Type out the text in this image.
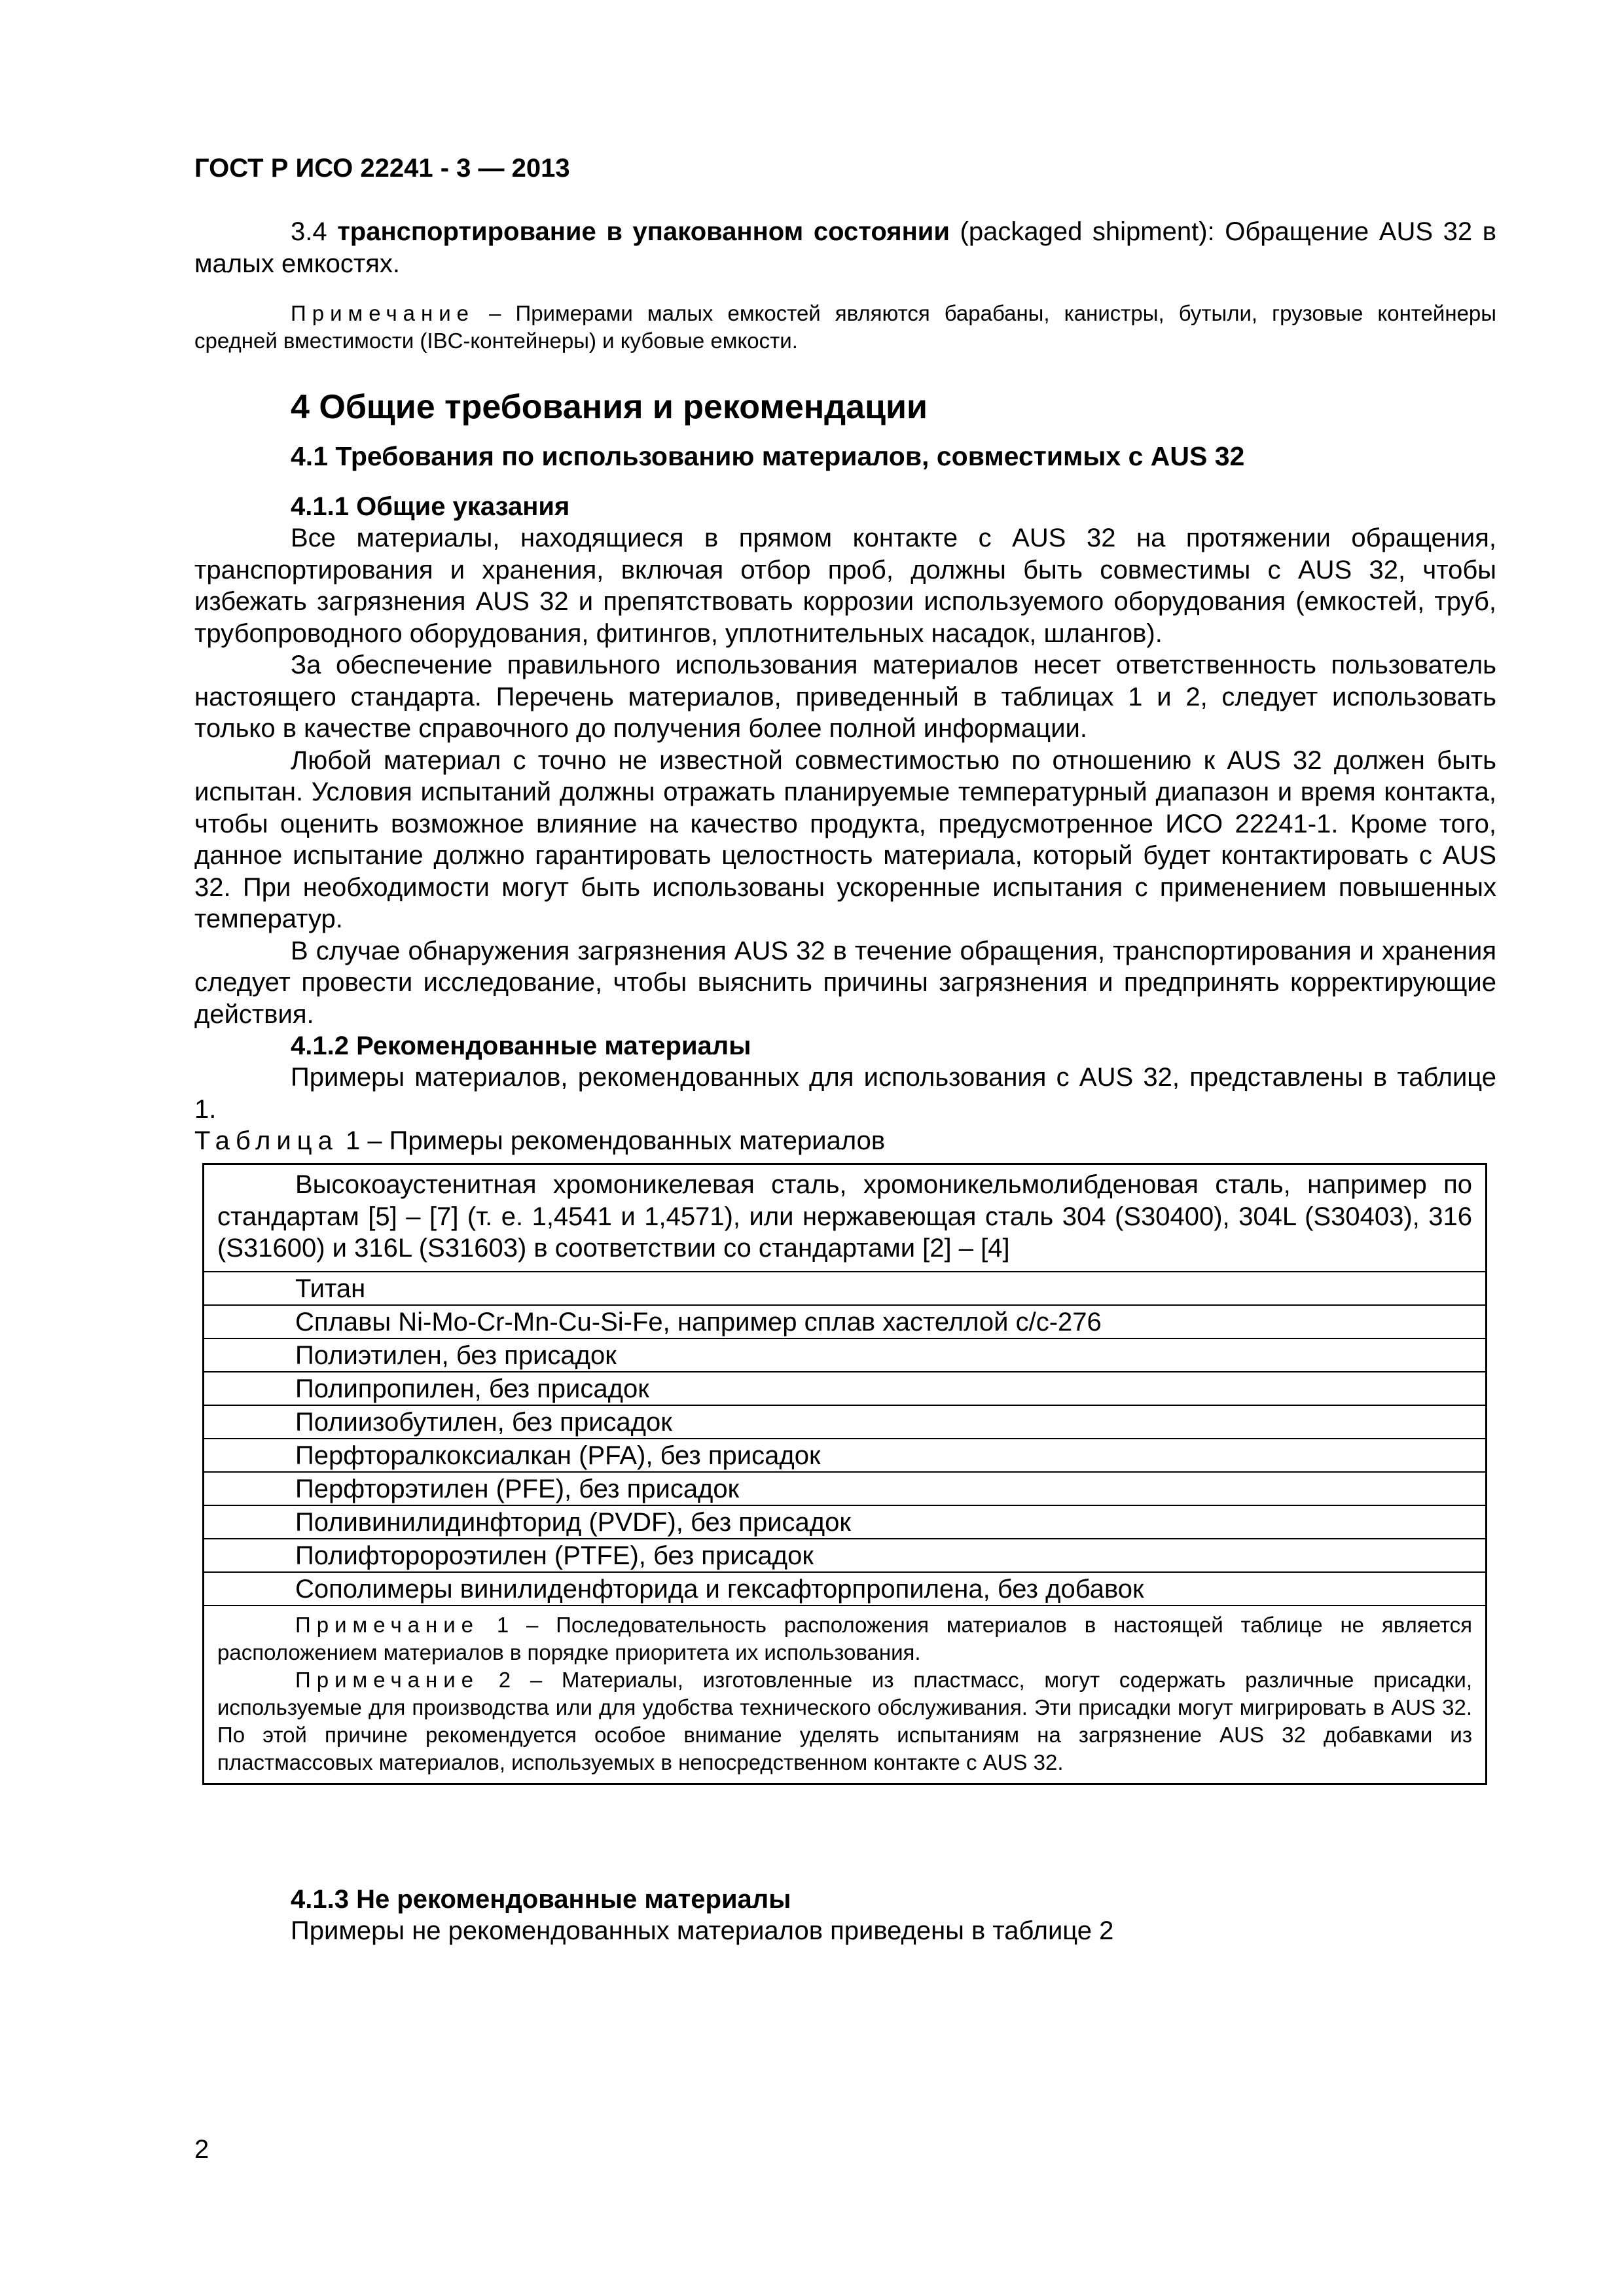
ГОСТ Р ИСО 22241 - 3 — 2013

3.4 транспортирование в упакованном состоянии (packaged shipment): Обращение AUS 32 в малых емкостях.

Примечание – Примерами малых емкостей являются барабаны, канистры, бутыли, грузовые контейнеры средней вместимости (IBC-контейнеры) и кубовые емкости.

4 Общие требования и рекомендации
4.1 Требования по использованию материалов, совместимых с AUS 32
4.1.1 Общие указания

Все материалы, находящиеся в прямом контакте с AUS 32 на протяжении обращения, транспортирования и хранения, включая отбор проб, должны быть совместимы с AUS 32, чтобы избежать загрязнения AUS 32 и препятствовать коррозии используемого оборудования (емкостей, труб, трубопроводного оборудования, фитингов, уплотнительных насадок, шлангов).

За обеспечение правильного использования материалов несет ответственность пользователь настоящего стандарта. Перечень материалов, приведенный в таблицах 1 и 2, следует использовать только в качестве справочного до получения более полной информации.

Любой материал с точно не известной совместимостью по отношению к AUS 32 должен быть испытан. Условия испытаний должны отражать планируемые температурный диапазон и время контакта, чтобы оценить возможное влияние на качество продукта, предусмотренное ИСО 22241-1. Кроме того, данное испытание должно гарантировать целостность материала, который будет контактировать с AUS 32. При необходимости могут быть использованы ускоренные испытания с применением повышенных температур.

В случае обнаружения загрязнения AUS 32 в течение обращения, транспортирования и хранения следует провести исследование, чтобы выяснить причины загрязнения и предпринять корректирующие действия.

4.1.2 Рекомендованные материалы

Примеры материалов, рекомендованных для использования с AUS 32, представлены в таблице 1.

Таблица 1 – Примеры рекомендованных материалов

Высокоаустенитная хромоникелевая сталь, хромоникельмолибденовая сталь, например по стандартам [5] – [7] (т. е. 1,4541 и 1,4571), или нержавеющая сталь 304 (S30400), 304L (S30403), 316 (S31600) и 316L (S31603) в соответствии со стандартами [2] – [4]

Титан

Сплавы Ni-Mo-Cr-Mn-Cu-Si-Fe, например сплав хастеллой с/с-276

Полиэтилен, без присадок

Полипропилен, без присадок

Полиизобутилен, без присадок

Перфторалкоксиалкан (PFA), без присадок

Перфторэтилен (PFE), без присадок

Поливинилидинфторид (PVDF), без присадок

Полифторороэтилен (PTFE), без присадок

Сополимеры винилиденфторида и гексафторпропилена, без добавок

Примечание 1 – Последовательность расположения материалов в настоящей таблице не является расположением материалов в порядке приоритета их использования.

Примечание 2 – Материалы, изготовленные из пластмасс, могут содержать различные присадки, используемые для производства или для удобства технического обслуживания. Эти присадки могут мигрировать в AUS 32. По этой причине рекомендуется особое внимание уделять испытаниям на загрязнение AUS 32 добавками из пластмассовых материалов, используемых в непосредственном контакте с AUS 32.

4.1.3 Не рекомендованные материалы

Примеры не рекомендованных материалов приведены в таблице 2

2
